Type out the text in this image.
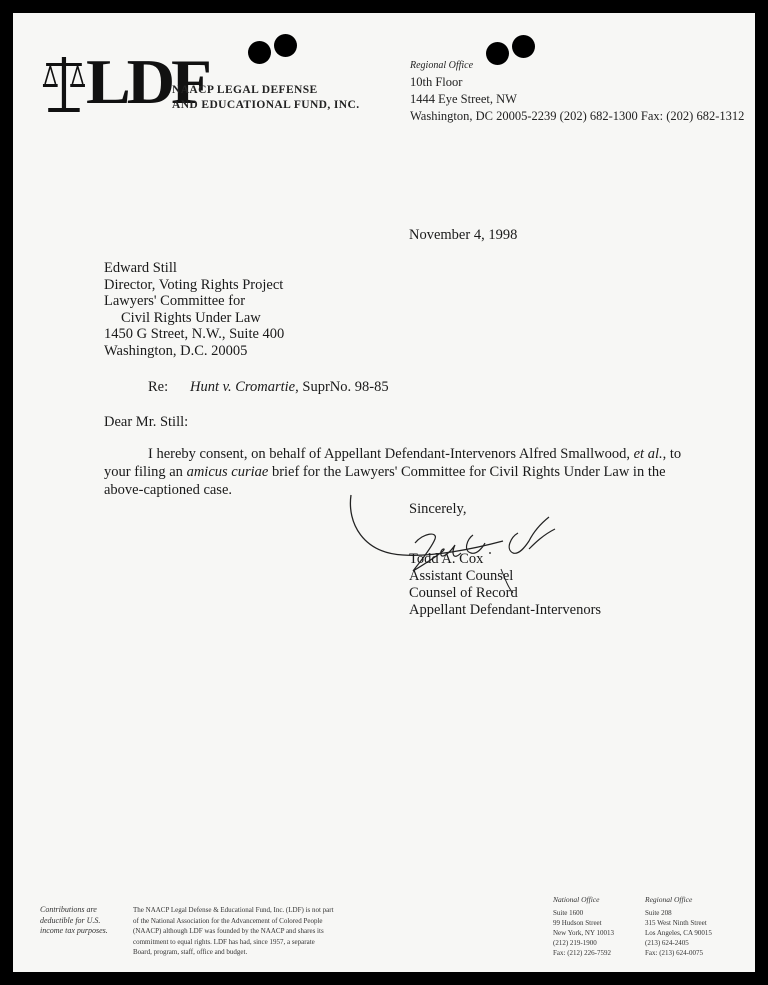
LDF
NAACP LEGAL DEFENSE
AND EDUCATIONAL FUND, INC.
Regional Office
10th Floor
1444 Eye Street, NW
Washington, DC 20005-2239 (202) 682-1300 Fax: (202) 682-1312
November 4, 1998
Edward Still
Director, Voting Rights Project
Lawyers' Committee for
Civil Rights Under Law
1450 G Street, N.W., Suite 400
Washington, D.C. 20005
Re: Hunt v. Cromartie, SuprNo. 98-85
Dear Mr. Still:
I hereby consent, on behalf of Appellant Defendant-Intervenors Alfred Smallwood, et al., to your filing an amicus curiae brief for the Lawyers' Committee for Civil Rights Under Law in the above-captioned case.
Sincerely,
Todd A. Cox
Assistant Counsel
Counsel of Record
Appellant Defendant-Intervenors
Contributions are
deductible for U.S.
income tax purposes.
The NAACP Legal Defense & Educational Fund, Inc. (LDF) is not part
of the National Association for the Advancement of Colored People
(NAACP) although LDF was founded by the NAACP and shares its
commitment to equal rights. LDF has had, since 1957, a separate
Board, program, staff, office and budget.
National Office
Suite 1600
99 Hudson Street
New York, NY 10013
(212) 219-1900
Fax: (212) 226-7592
Regional Office
Suite 208
315 West Ninth Street
Los Angeles, CA 90015
(213) 624-2405
Fax: (213) 624-0075
